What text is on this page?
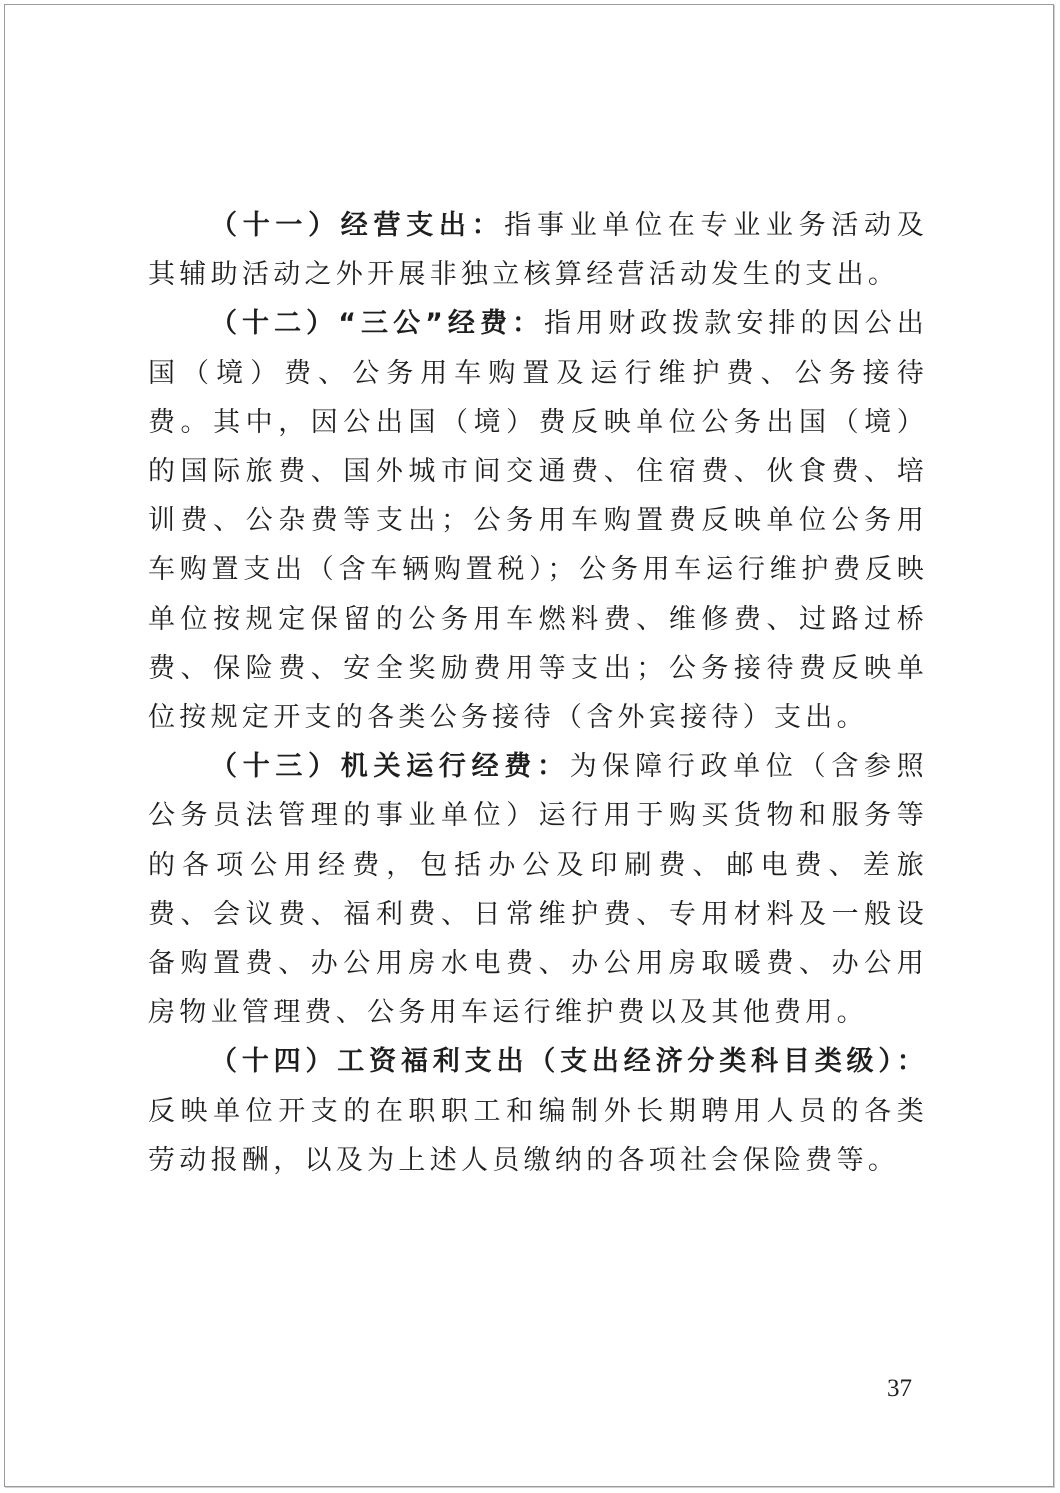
（十一）经营支出：指事业单位在专业业务活动及其辅助活动之外开展非独立核算经营活动发生的支出。

（十二）“三公”经费：指用财政拨款安排的因公出国（境）费、公务用车购置及运行维护费、公务接待费。其中，因公出国（境）费反映单位公务出国（境）的国际旅费、国外城市间交通费、住宿费、伙食费、培训费、公杂费等支出；公务用车购置费反映单位公务用车购置支出（含车辆购置税）；公务用车运行维护费反映单位按规定保留的公务用车燃料费、维修费、过路过桥费、保险费、安全奖励费用等支出；公务接待费反映单位按规定开支的各类公务接待（含外宾接待）支出。

（十三）机关运行经费：为保障行政单位（含参照公务员法管理的事业单位）运行用于购买货物和服务等的各项公用经费，包括办公及印刷费、邮电费、差旅费、会议费、福利费、日常维护费、专用材料及一般设备购置费、办公用房水电费、办公用房取暖费、办公用房物业管理费、公务用车运行维护费以及其他费用。

（十四）工资福利支出（支出经济分类科目类级）：反映单位开支的在职职工和编制外长期聘用人员的各类劳动报酬，以及为上述人员缴纳的各项社会保险费等。

37
